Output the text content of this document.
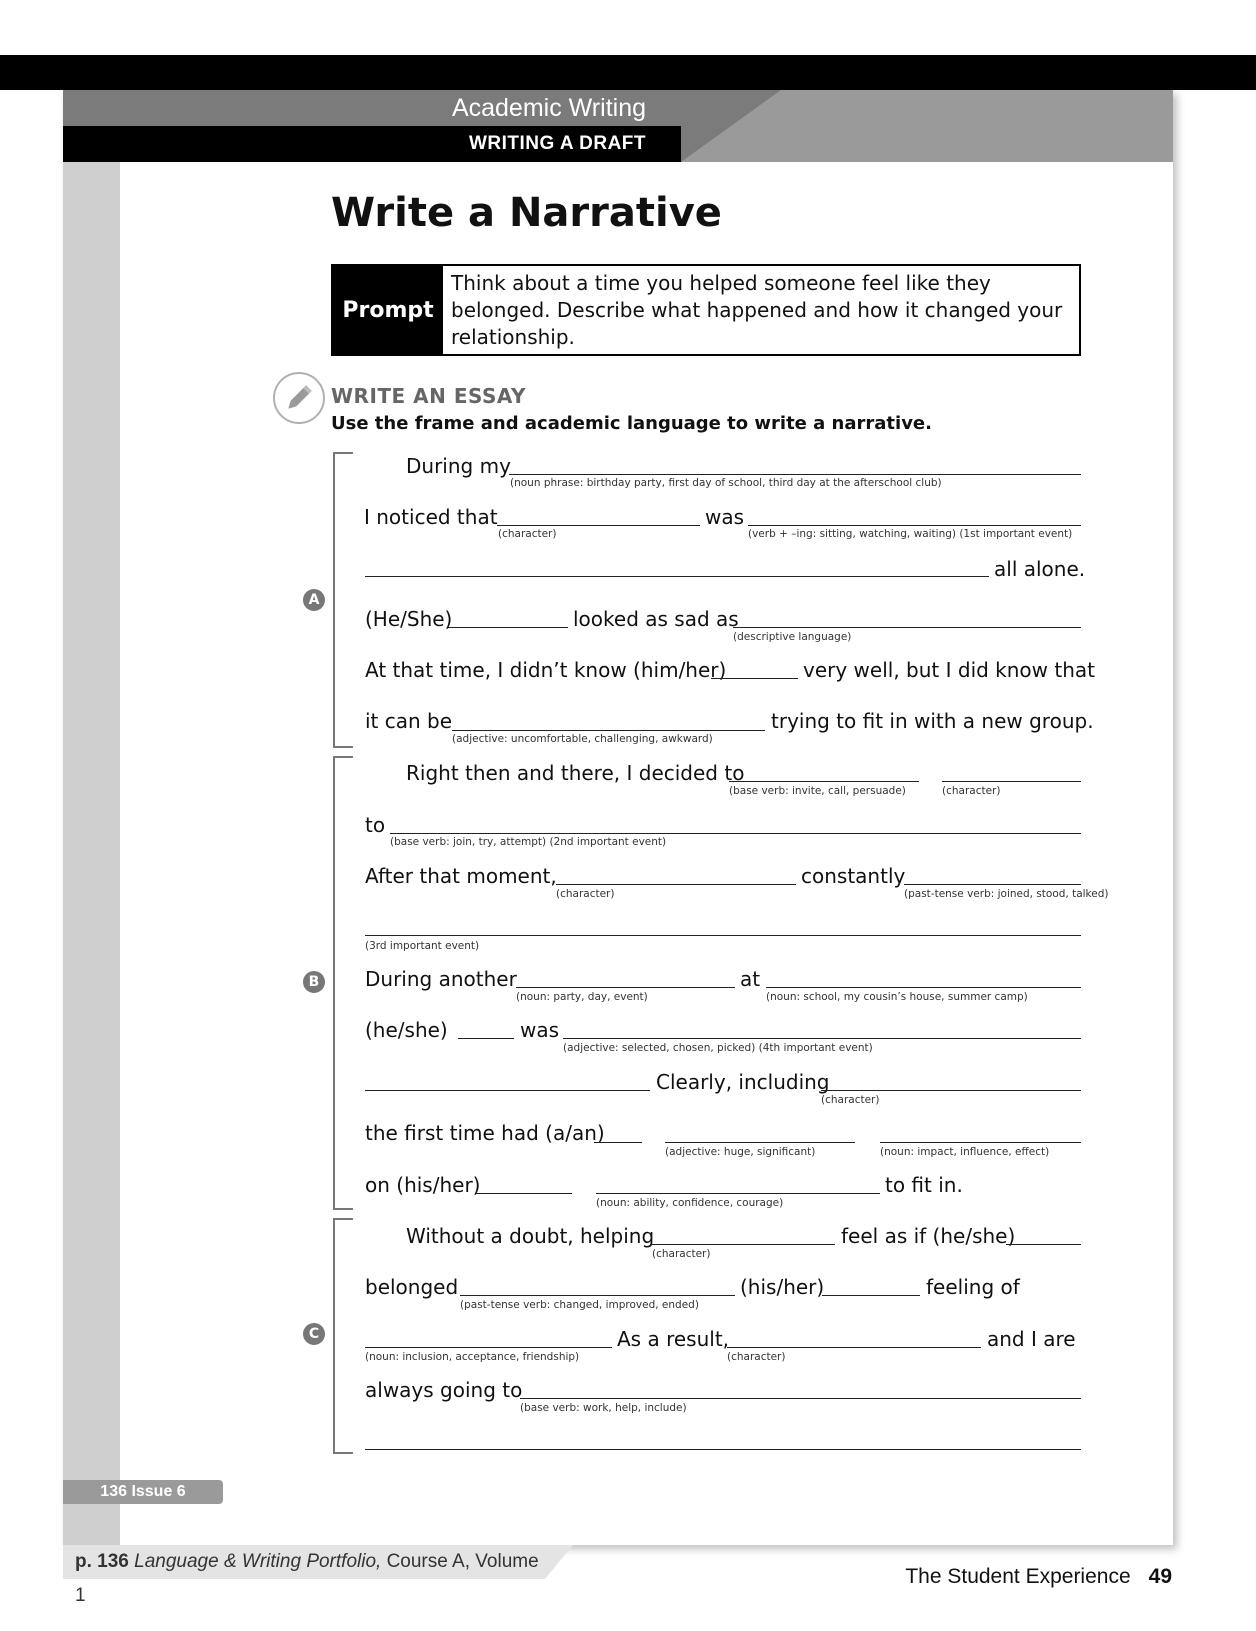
Academic Writing
WRITING A DRAFT
Write a Narrative
Prompt
Think about a time you helped someone feel like they belonged. Describe what happened and how it changed your relationship.
WRITE AN ESSAY
Use the frame and academic language to write a narrative.
A
B
C
During my
(noun phrase: birthday party, first day of school, third day at the afterschool club)
I noticed that
(character)
was
(verb + –ing: sitting, watching, waiting) (1st important event)
all alone.
(He/She)	looked as sad as
(descriptive language)
At that time, I didn’t know (him/her)	very well, but I did know that
it can be
(adjective: uncomfortable, challenging, awkward)
trying to fit in with a new group.
Right then and there, I decided to
(base verb: invite, call, persuade)	(character)
to
(base verb: join, try, attempt) (2nd important event)
After that moment,
(character)
constantly
(past-tense verb: joined, stood, talked)
(3rd important event)
During another
(noun: party, day, event)
at
(noun: school, my cousin’s house, summer camp)
(he/she)	was
(adjective: selected, chosen, picked) (4th important event)
Clearly, including
(character)
the first time had (a/an)
(adjective: huge, significant)	(noun: impact, influence, effect)
on (his/her)
(noun: ability, confidence, courage)
to fit in.
Without a doubt, helping
(character)
feel as if (he/she)
belonged
(past-tense verb: changed, improved, ended)
(his/her)	feeling of
(noun: inclusion, acceptance, friendship)
As a result,
(character)
and I are
always going to
(base verb: work, help, include)
136 Issue 6
p. 136 Language & Writing Portfolio, Course A, Volume 1
The Student Experience 49
